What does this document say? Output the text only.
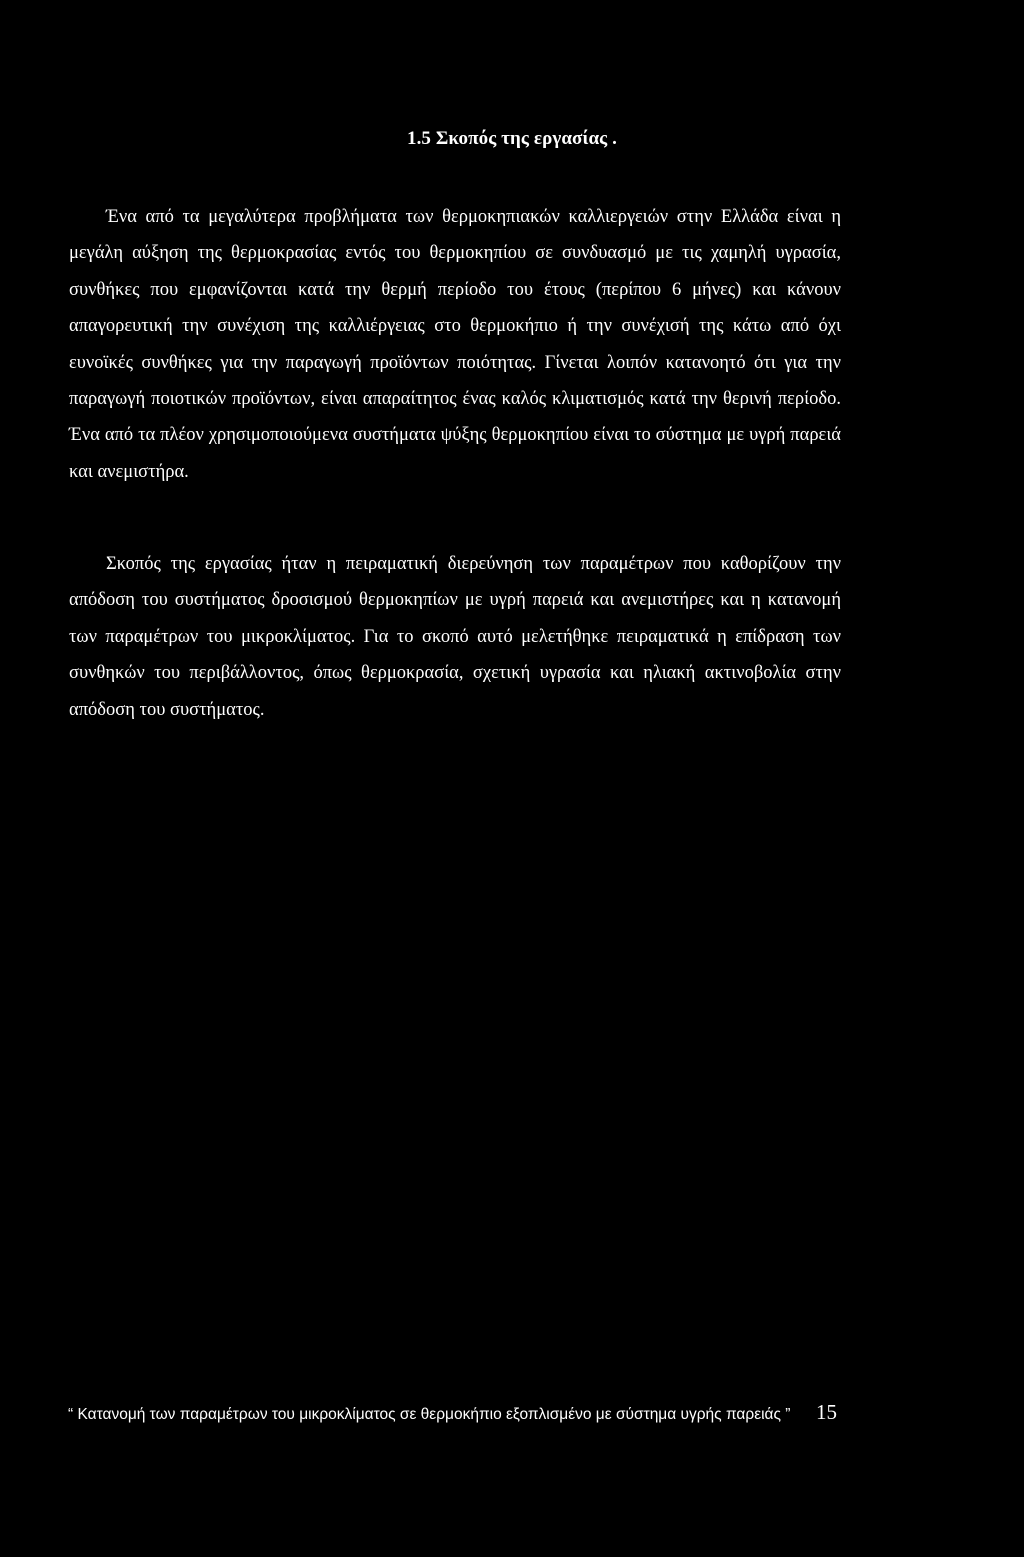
1.5 Σκοπός της εργασίας .

Ένα από τα μεγαλύτερα προβλήματα των θερμοκηπιακών καλλιεργειών στην Ελλάδα είναι η μεγάλη αύξηση της θερμοκρασίας εντός του θερμοκηπίου σε συνδυασμό με τις χαμηλή υγρασία, συνθήκες που εμφανίζονται κατά την θερμή περίοδο του έτους (περίπου 6 μήνες) και κάνουν απαγορευτική την συνέχιση της καλλιέργειας στο θερμοκήπιο ή την συνέχισή της κάτω από όχι ευνοϊκές συνθήκες για την παραγωγή προϊόντων ποιότητας. Γίνεται λοιπόν κατανοητό ότι για την παραγωγή ποιοτικών προϊόντων, είναι απαραίτητος ένας καλός κλιματισμός κατά την θερινή περίοδο. Ένα από τα πλέον χρησιμοποιούμενα συστήματα ψύξης θερμοκηπίου είναι το σύστημα με υγρή παρειά και ανεμιστήρα.

Σκοπός της εργασίας ήταν η πειραματική διερεύνηση των παραμέτρων που καθορίζουν την απόδοση του συστήματος δροσισμού θερμοκηπίων με υγρή παρειά και ανεμιστήρες και η κατανομή των παραμέτρων του μικροκλίματος. Για το σκοπό αυτό μελετήθηκε πειραματικά η επίδραση των συνθηκών του περιβάλλοντος, όπως θερμοκρασία, σχετική υγρασία και ηλιακή ακτινοβολία στην απόδοση του συστήματος.

“ Κατανομή των παραμέτρων του μικροκλίματος σε θερμοκήπιο εξοπλισμένο με σύστημα υγρής παρειάς ”	15
